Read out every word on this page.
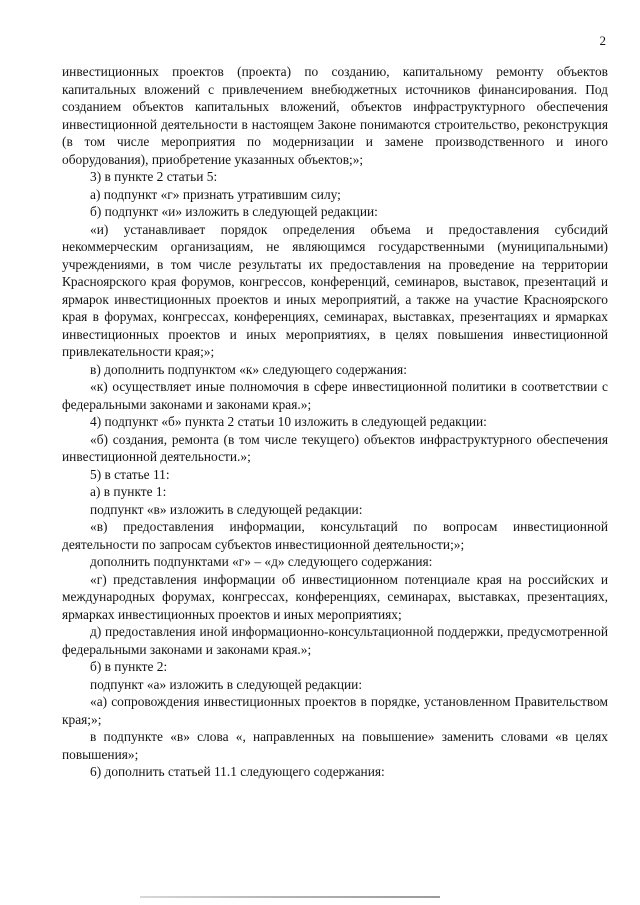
2

инвестиционных проектов (проекта) по созданию, капитальному ремонту объектов капитальных вложений с привлечением внебюджетных источников финансирования. Под созданием объектов капитальных вложений, объектов инфраструктурного обеспечения инвестиционной деятельности в настоящем Законе понимаются строительство, реконструкция (в том числе мероприятия по модернизации и замене производственного и иного оборудования), приобретение указанных объектов;»;

3) в пункте 2 статьи 5:

а) подпункт «г» признать утратившим силу;

б) подпункт «и» изложить в следующей редакции:

«и) устанавливает порядок определения объема и предоставления субсидий некоммерческим организациям, не являющимся государственными (муниципальными) учреждениями, в том числе результаты их предоставления на проведение на территории Красноярского края форумов, конгрессов, конференций, семинаров, выставок, презентаций и ярмарок инвестиционных проектов и иных мероприятий, а также на участие Красноярского края в форумах, конгрессах, конференциях, семинарах, выставках, презентациях и ярмарках инвестиционных проектов и иных мероприятиях, в целях повышения инвестиционной привлекательности края;»;

в) дополнить подпунктом «к» следующего содержания:

«к) осуществляет иные полномочия в сфере инвестиционной политики в соответствии с федеральными законами и законами края.»;

4) подпункт «б» пункта 2 статьи 10 изложить в следующей редакции:

«б) создания, ремонта (в том числе текущего) объектов инфраструктурного обеспечения инвестиционной деятельности.»;

5) в статье 11:

а) в пункте 1:

подпункт «в» изложить в следующей редакции:

«в) предоставления информации, консультаций по вопросам инвестиционной деятельности по запросам субъектов инвестиционной деятельности;»;

дополнить подпунктами «г» – «д» следующего содержания:

«г) представления информации об инвестиционном потенциале края на российских и международных форумах, конгрессах, конференциях, семинарах, выставках, презентациях, ярмарках инвестиционных проектов и иных мероприятиях;

д) предоставления иной информационно-консультационной поддержки, предусмотренной федеральными законами и законами края.»;

б) в пункте 2:

подпункт «а» изложить в следующей редакции:

«а) сопровождения инвестиционных проектов в порядке, установленном Правительством края;»;

в подпункте «в» слова «, направленных на повышение» заменить словами «в целях повышения»;

6) дополнить статьей 11.1 следующего содержания:
